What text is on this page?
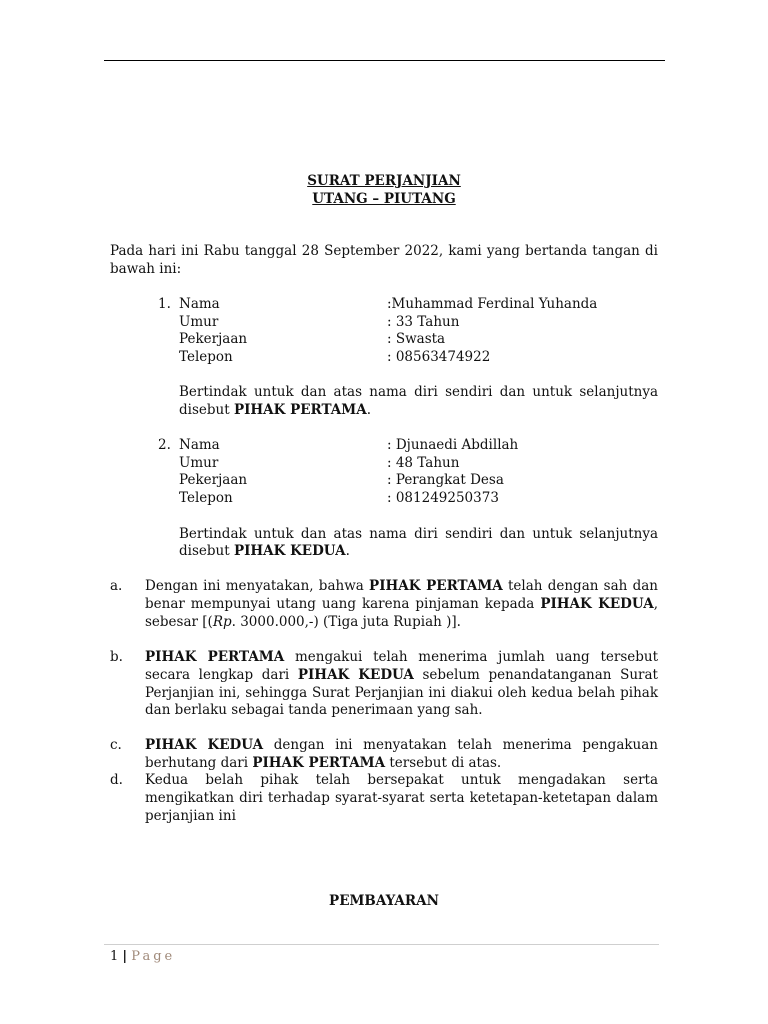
SURAT PERJANJIAN
UTANG – PIUTANG
Pada hari ini Rabu tanggal 28 September 2022, kami yang bertanda tangan di
bawah ini:
1. Nama	:Muhammad Ferdinal Yuhanda
Umur	: 33 Tahun
Pekerjaan	: Swasta
Telepon	: 08563474922
Bertindak untuk dan atas nama diri sendiri dan untuk selanjutnya
disebut PIHAK PERTAMA.
2. Nama	: Djunaedi Abdillah
Umur	: 48 Tahun
Pekerjaan	: Perangkat Desa
Telepon	: 081249250373
Bertindak untuk dan atas nama diri sendiri dan untuk selanjutnya
disebut PIHAK KEDUA.
a. Dengan ini menyatakan, bahwa PIHAK PERTAMA telah dengan sah dan
benar mempunyai utang uang karena pinjaman kepada PIHAK KEDUA,
sebesar [(Rp. 3000.000,-) (Tiga juta Rupiah )].
b. PIHAK PERTAMA mengakui telah menerima jumlah uang tersebut
secara lengkap dari PIHAK KEDUA sebelum penandatanganan Surat
Perjanjian ini, sehingga Surat Perjanjian ini diakui oleh kedua belah pihak
dan berlaku sebagai tanda penerimaan yang sah.
c. PIHAK KEDUA dengan ini menyatakan telah menerima pengakuan
berhutang dari PIHAK PERTAMA tersebut di atas.
d. Kedua belah pihak telah bersepakat untuk mengadakan serta
mengikatkan diri terhadap syarat-syarat serta ketetapan-ketetapan dalam
perjanjian ini
PEMBAYARAN
1 | Page
